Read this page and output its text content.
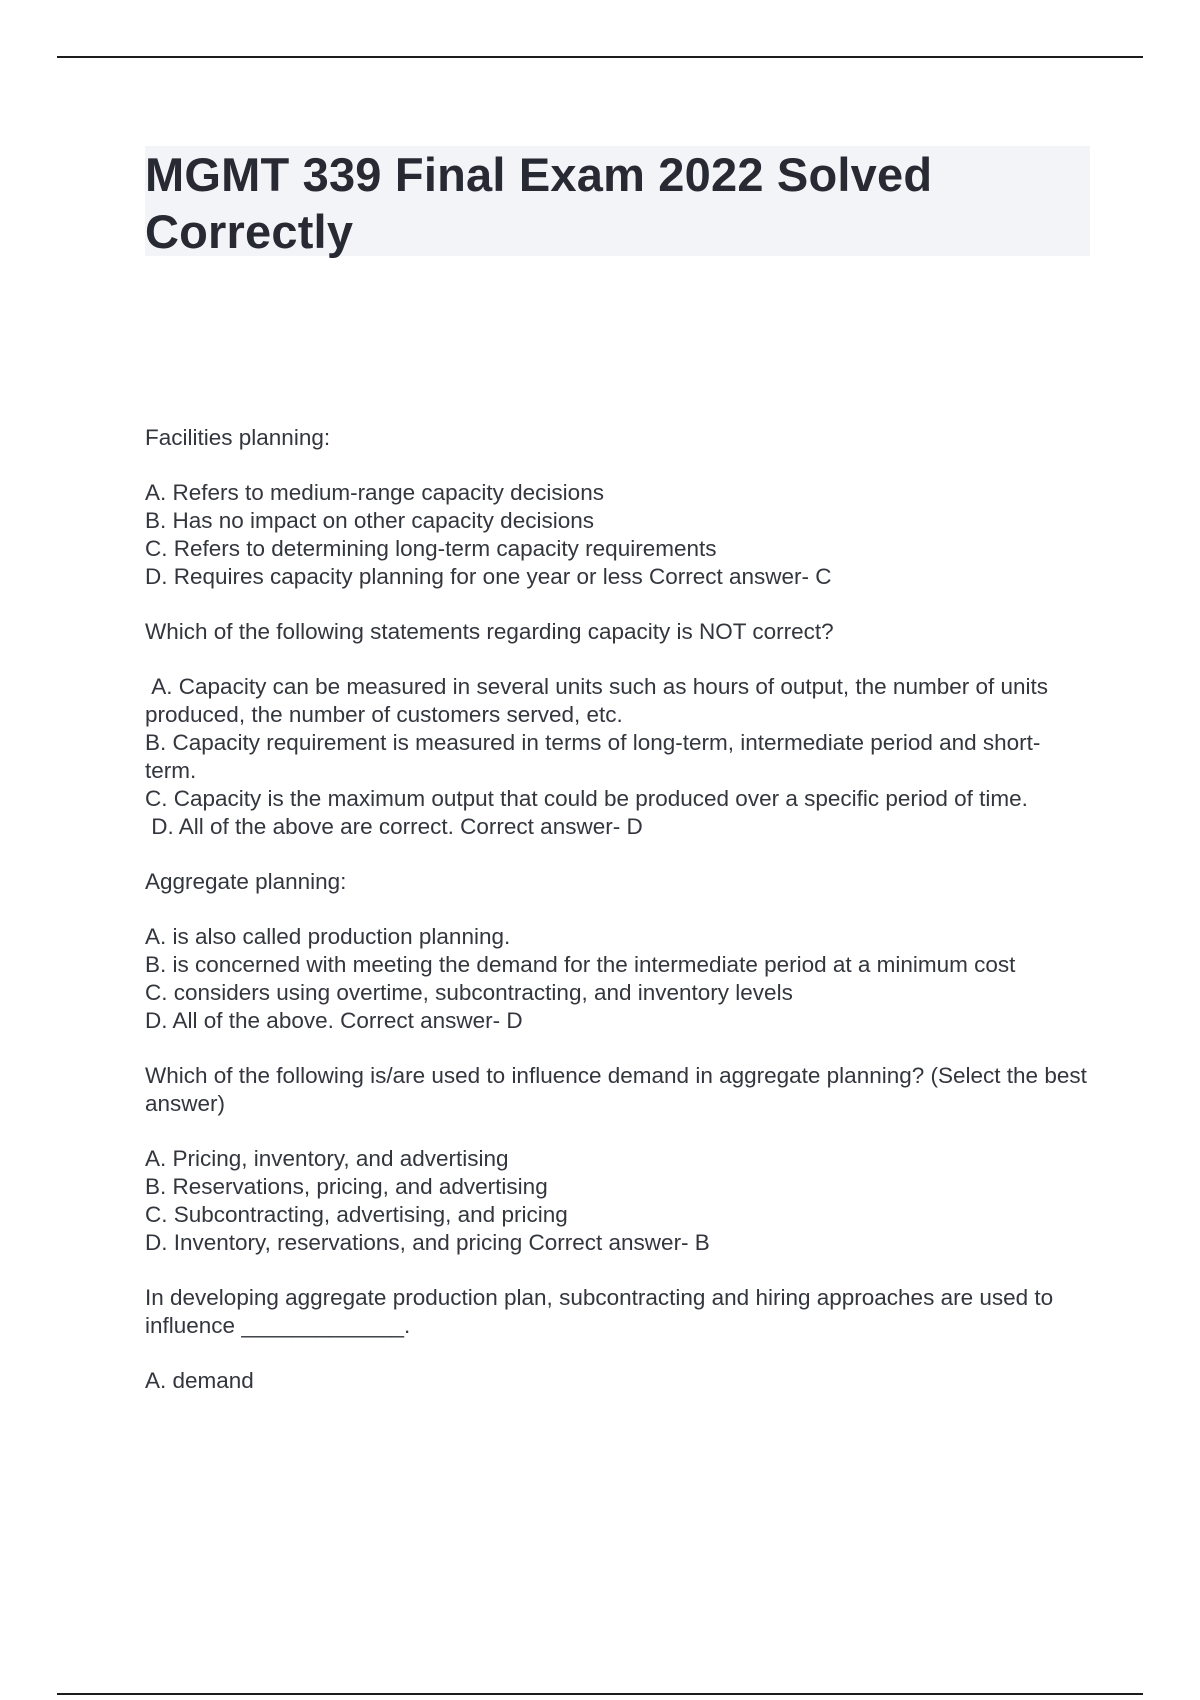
MGMT 339 Final Exam 2022 Solved Correctly

Facilities planning:

A. Refers to medium-range capacity decisions

B. Has no impact on other capacity decisions

C. Refers to determining long-term capacity requirements

D. Requires capacity planning for one year or less Correct answer- C

Which of the following statements regarding capacity is NOT correct?

A. Capacity can be measured in several units such as hours of output, the number of units produced, the number of customers served, etc.

B. Capacity requirement is measured in terms of long-term, intermediate period and short-term.

C. Capacity is the maximum output that could be produced over a specific period of time.

D. All of the above are correct. Correct answer- D

Aggregate planning:

A. is also called production planning.

B. is concerned with meeting the demand for the intermediate period at a minimum cost

C. considers using overtime, subcontracting, and inventory levels

D. All of the above. Correct answer- D

Which of the following is/are used to influence demand in aggregate planning? (Select the best answer)

A. Pricing, inventory, and advertising

B. Reservations, pricing, and advertising

C. Subcontracting, advertising, and pricing

D. Inventory, reservations, and pricing Correct answer- B

In developing aggregate production plan, subcontracting and hiring approaches are used to influence _____________.

A. demand
